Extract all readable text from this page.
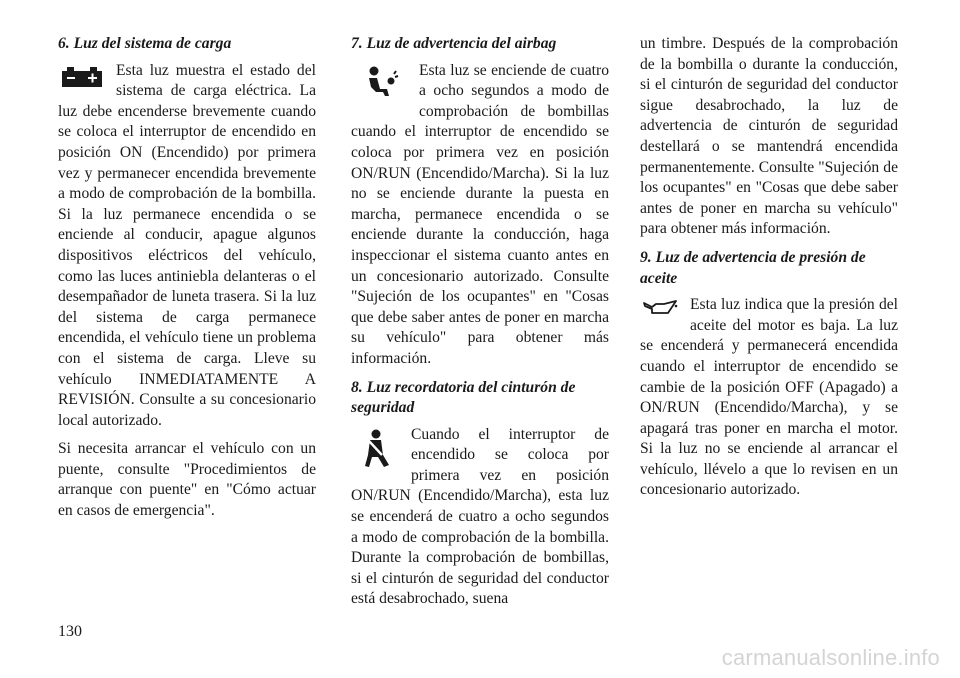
6. Luz del sistema de carga

Esta luz muestra el estado del sistema de carga eléctrica. La luz debe encenderse brevemente cuando se coloca el interruptor de encendido en posición ON (Encendido) por primera vez y permanecer encendida brevemente a modo de comprobación de la bombilla. Si la luz permanece encendida o se enciende al conducir, apague algunos dispositivos eléctricos del vehículo, como las luces antiniebla delanteras o el desempañador de luneta trasera. Si la luz del sistema de carga permanece encendida, el vehículo tiene un problema con el sistema de carga. Lleve su vehículo INMEDIATAMENTE A REVISIÓN. Consulte a su concesionario local autorizado.

Si necesita arrancar el vehículo con un puente, consulte "Procedimientos de arranque con puente" en "Cómo actuar en casos de emergencia".

7. Luz de advertencia del airbag

Esta luz se enciende de cuatro a ocho segundos a modo de comprobación de bombillas cuando el interruptor de encendido se coloca por primera vez en posición ON/RUN (Encendido/Marcha). Si la luz no se enciende durante la puesta en marcha, permanece encendida o se enciende durante la conducción, haga inspeccionar el sistema cuanto antes en un concesionario autorizado. Consulte "Sujeción de los ocupantes" en "Cosas que debe saber antes de poner en marcha su vehículo" para obtener más información.

8. Luz recordatoria del cinturón de seguridad

Cuando el interruptor de encendido se coloca por primera vez en posición ON/RUN (Encendido/Marcha), esta luz se encenderá de cuatro a ocho segundos a modo de comprobación de la bombilla. Durante la comprobación de bombillas, si el cinturón de seguridad del conductor está desabrochado, suena

un timbre. Después de la comprobación de la bombilla o durante la conducción, si el cinturón de seguridad del conductor sigue desabrochado, la luz de advertencia de cinturón de seguridad destellará o se mantendrá encendida permanentemente. Consulte "Sujeción de los ocupantes" en "Cosas que debe saber antes de poner en marcha su vehículo" para obtener más información.

9. Luz de advertencia de presión de aceite

Esta luz indica que la presión del aceite del motor es baja. La luz se encenderá y permanecerá encendida cuando el interruptor de encendido se cambie de la posición OFF (Apagado) a ON/RUN (Encendido/Marcha), y se apagará tras poner en marcha el motor. Si la luz no se enciende al arrancar el vehículo, llévelo a que lo revisen en un concesionario autorizado.

130
carmanualsonline.info
